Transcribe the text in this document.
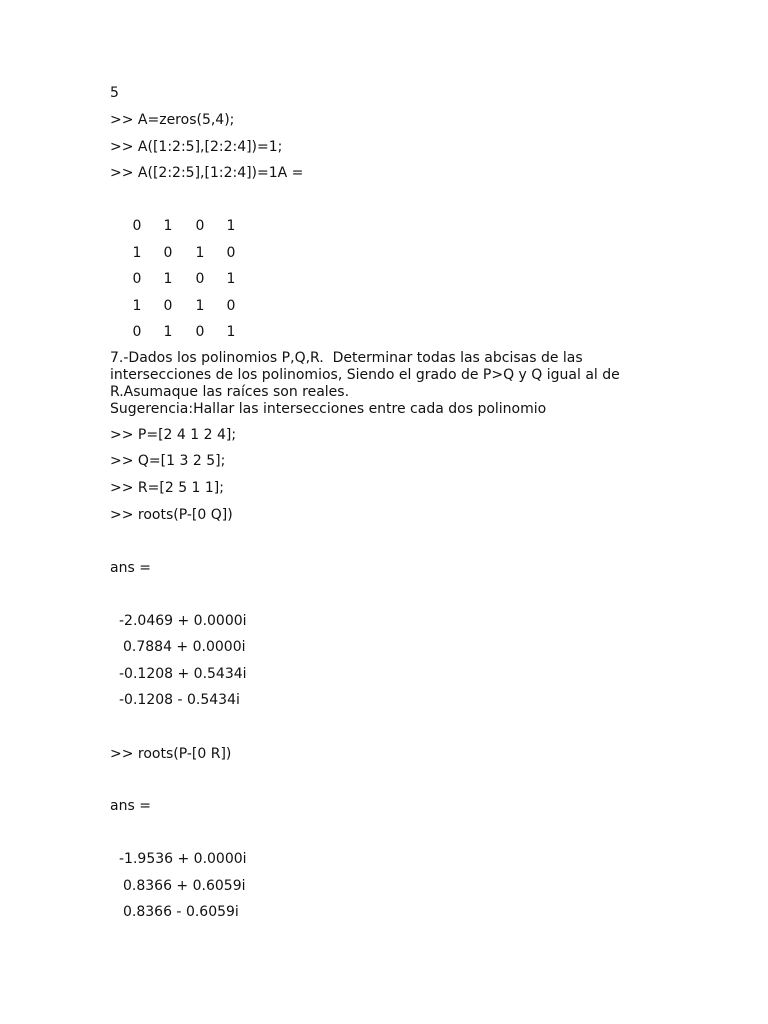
5
>> A=zeros(5,4);
>> A([1:2:5],[2:2:4])=1;
>> A([2:2:5],[1:2:4])=1A =
0	1	0	1
1	0	1	0
0	1	0	1
1	0	1	0
0	1	0	1
7.-Dados los polinomios P,Q,R.  Determinar todas las abcisas de las
intersecciones de los polinomios, Siendo el grado de P>Q y Q igual al de
R.Asumaque las raíces son reales.
Sugerencia:Hallar las intersecciones entre cada dos polinomio
>> P=[2 4 1 2 4];
>> Q=[1 3 2 5];
>> R=[2 5 1 1];
>> roots(P-[0 Q])
ans =
-2.0469 + 0.0000i
0.7884 + 0.0000i
-0.1208 + 0.5434i
-0.1208 - 0.5434i
>> roots(P-[0 R])
ans =
-1.9536 + 0.0000i
0.8366 + 0.6059i
0.8366 - 0.6059i
